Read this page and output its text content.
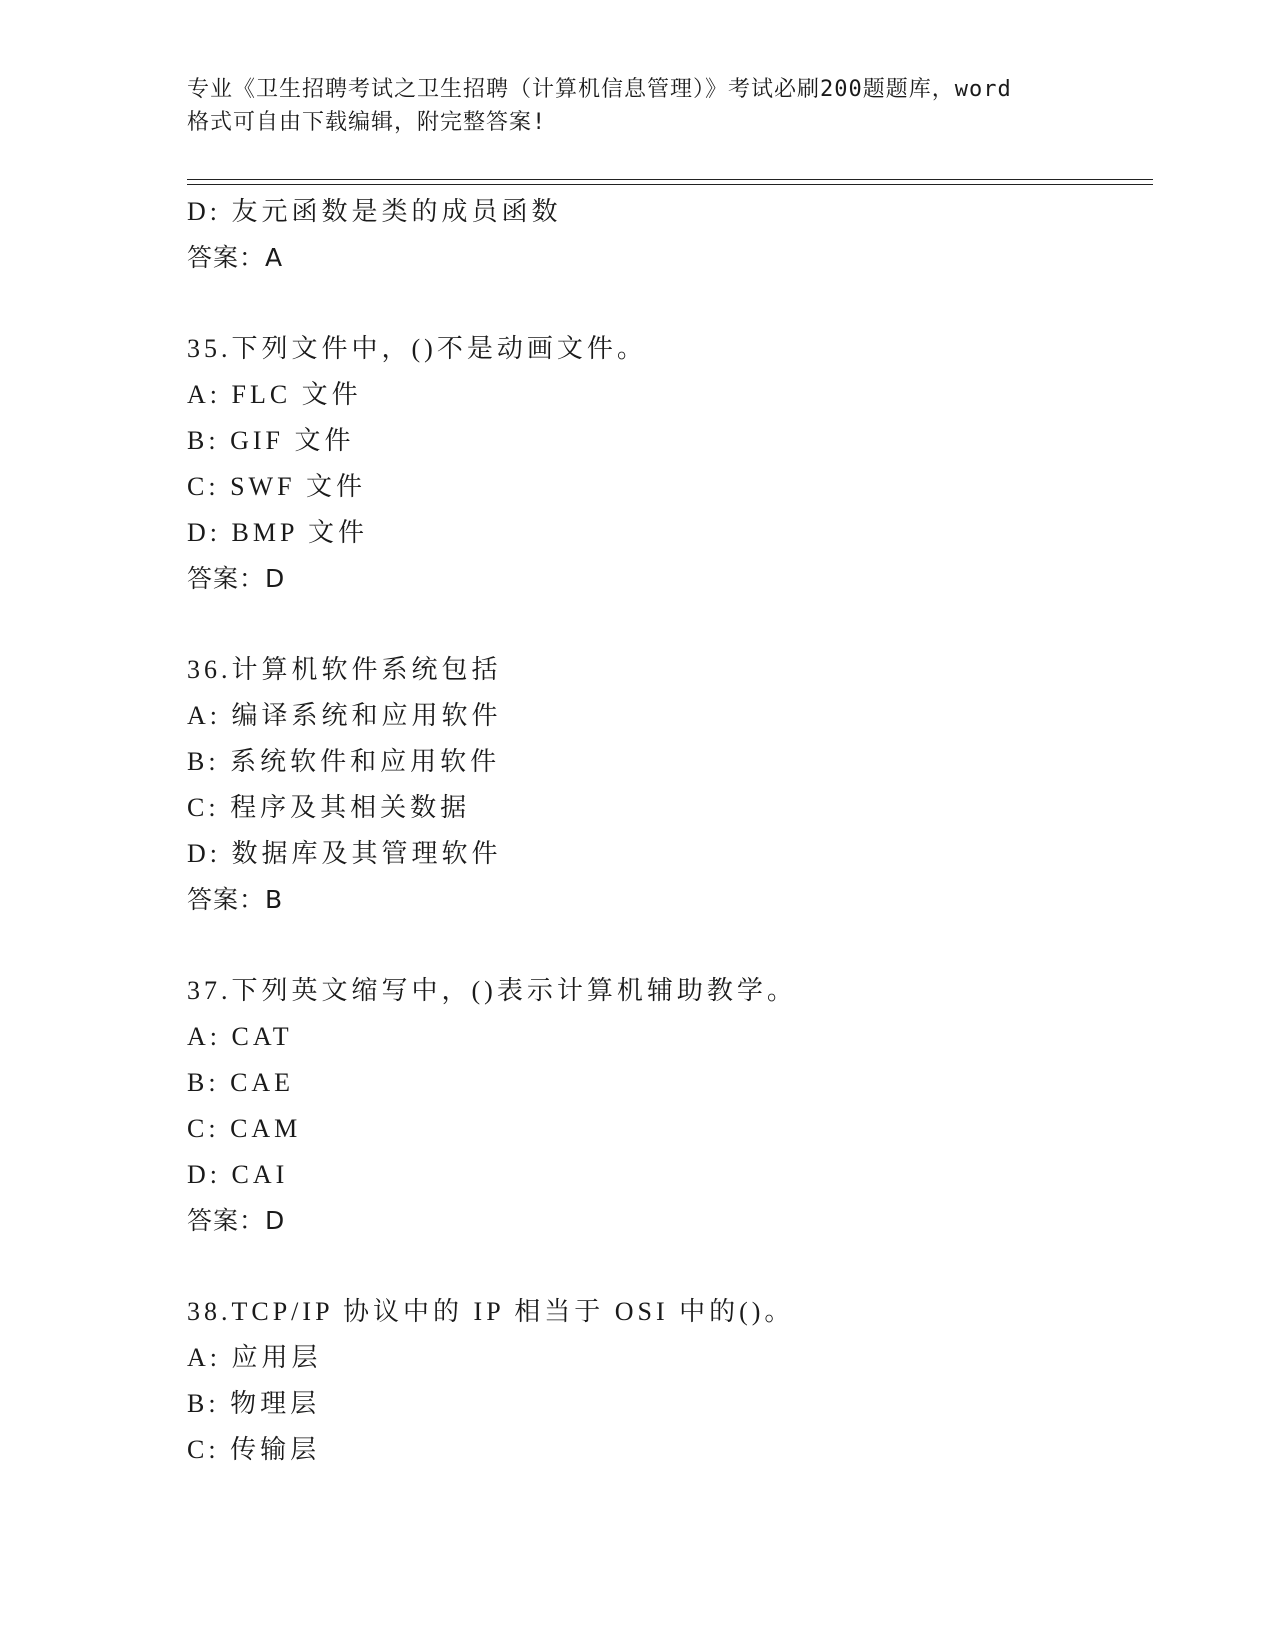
专业《卫生招聘考试之卫生招聘（计算机信息管理）》考试必刷200题题库，word
格式可自由下载编辑，附完整答案!
D: 友元函数是类的成员函数
答案：A
35.下列文件中，()不是动画文件。
A: FLC 文件
B: GIF 文件
C: SWF 文件
D: BMP 文件
答案：D
36.计算机软件系统包括
A: 编译系统和应用软件
B: 系统软件和应用软件
C: 程序及其相关数据
D: 数据库及其管理软件
答案：B
37.下列英文缩写中，()表示计算机辅助教学。
A: CAT
B: CAE
C: CAM
D: CAI
答案：D
38.TCP/IP 协议中的 IP 相当于 OSI 中的()。
A: 应用层
B: 物理层
C: 传输层
